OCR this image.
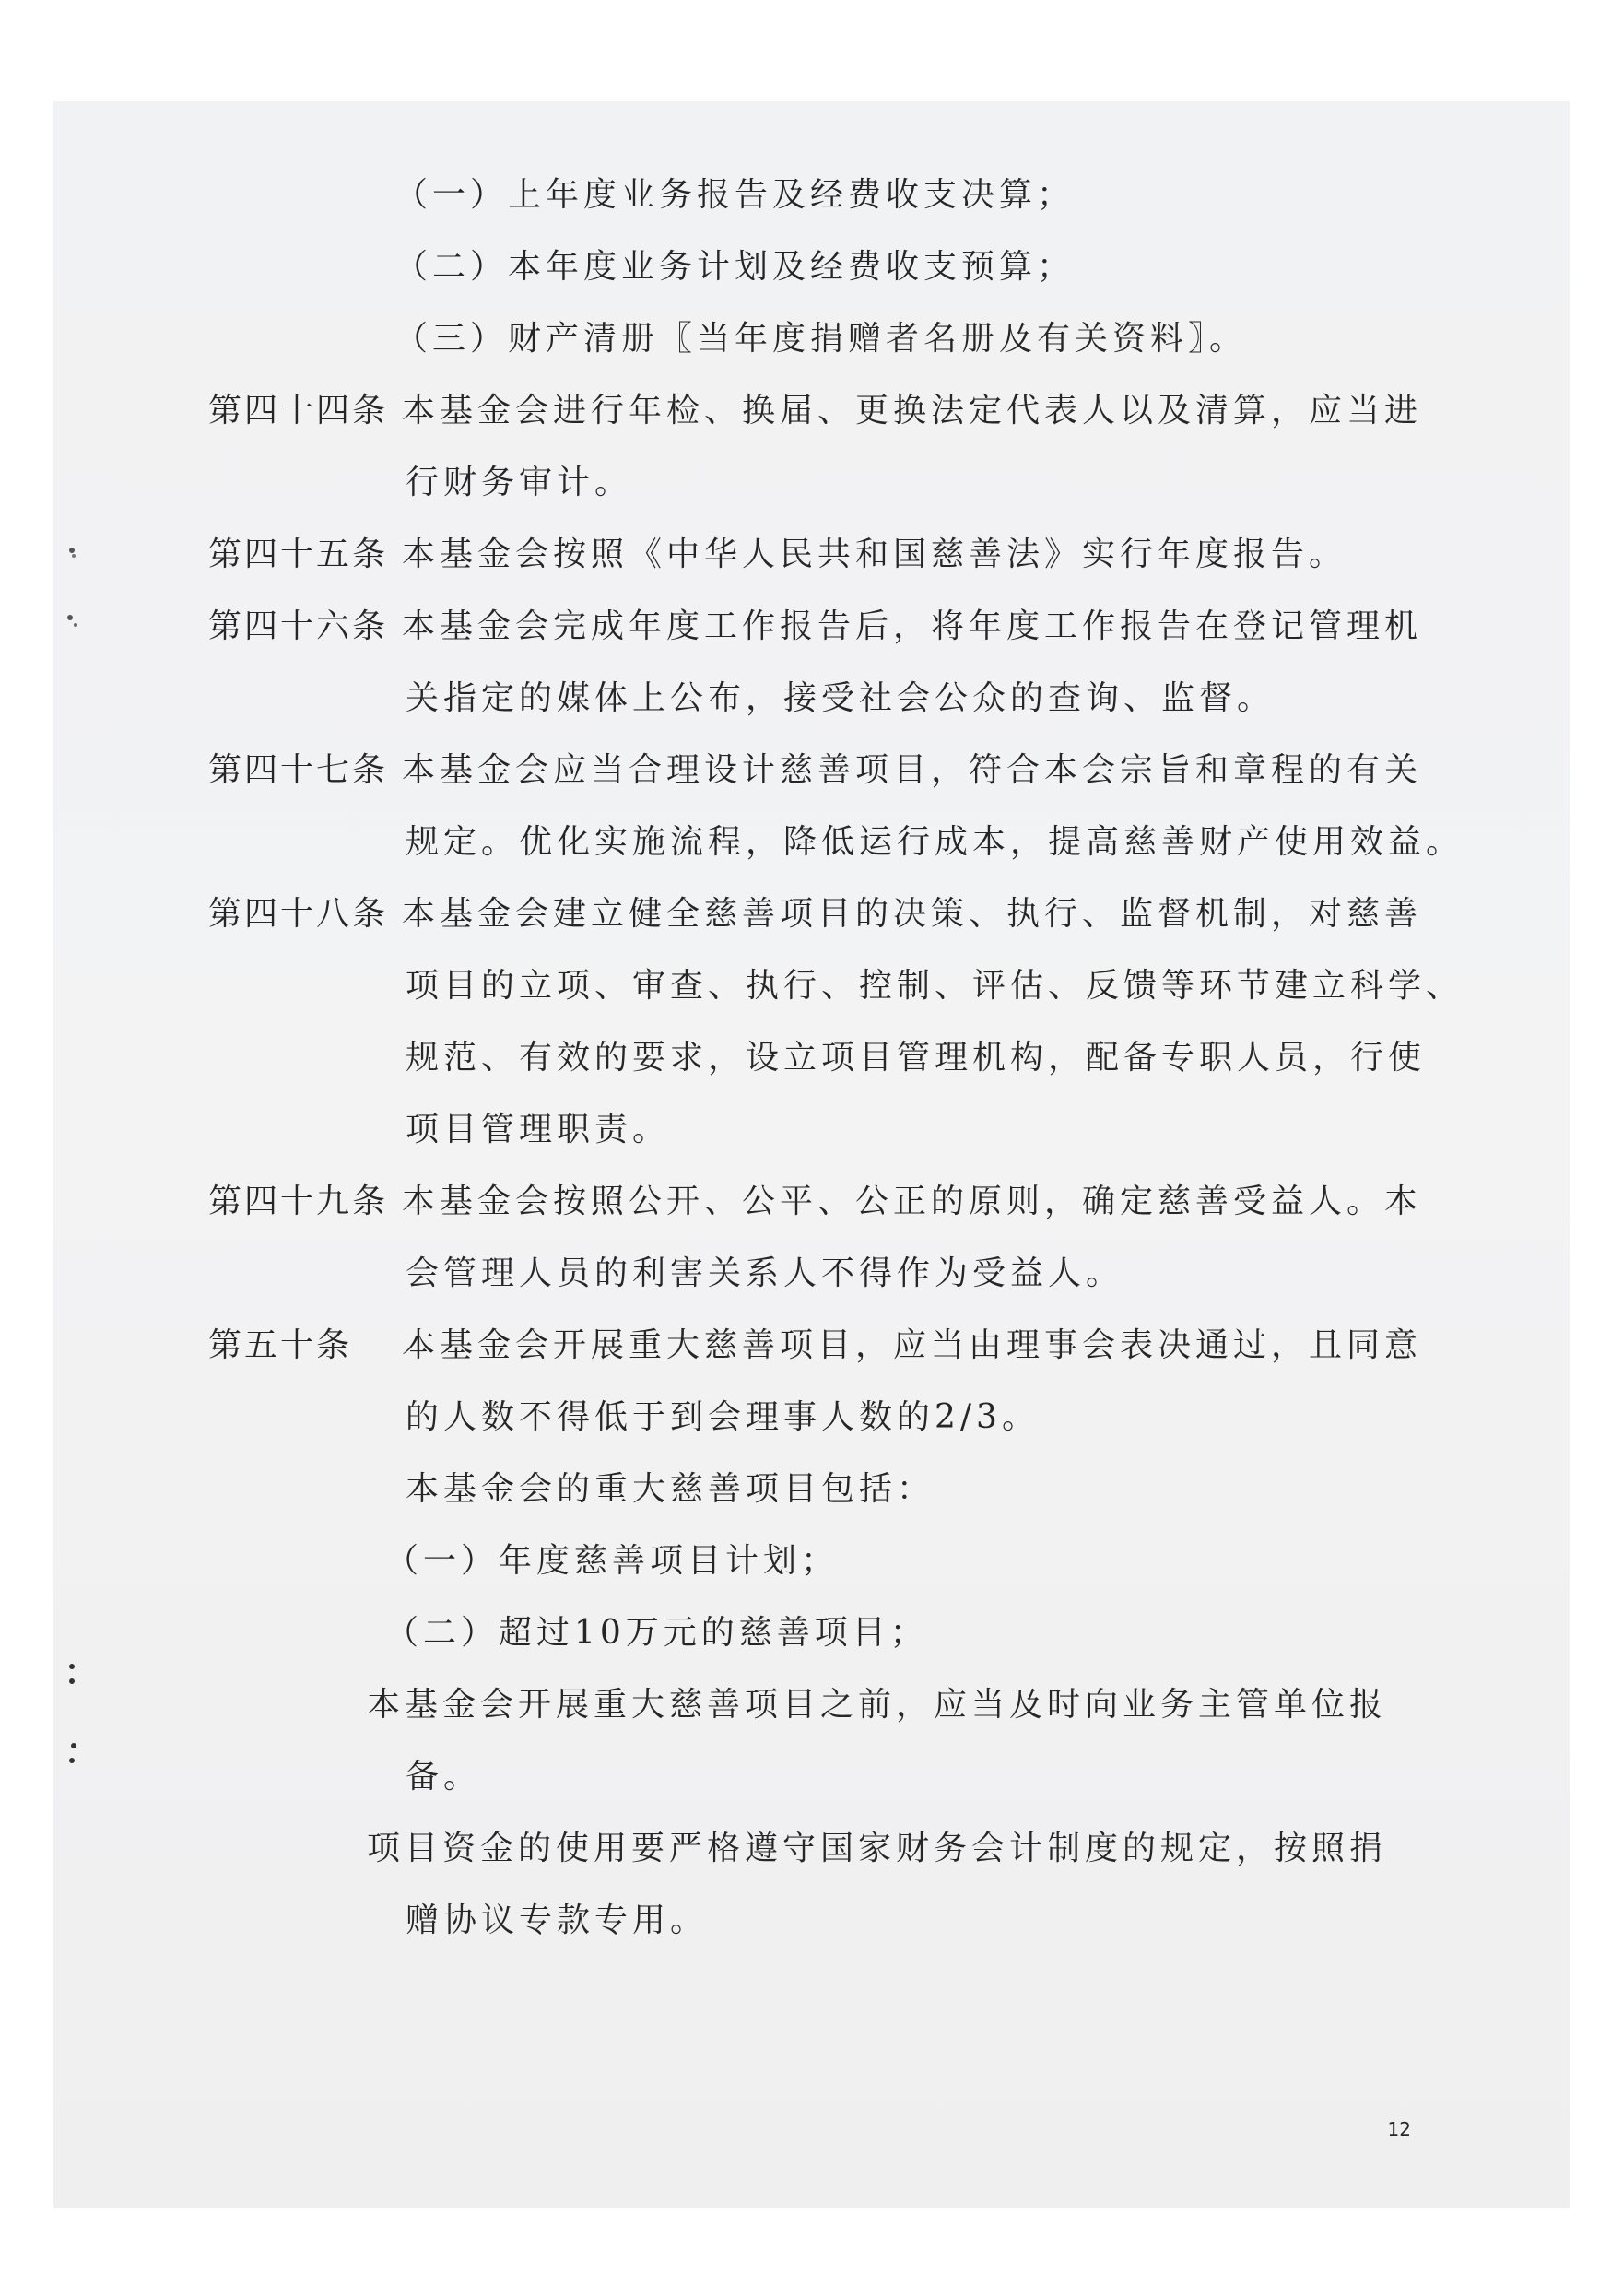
（一）上年度业务报告及经费收支决算；

（二）本年度业务计划及经费收支预算；

（三）财产清册〖当年度捐赠者名册及有关资料〗。

第四十四条 本基金会进行年检、换届、更换法定代表人以及清算，应当进

行财务审计。

第四十五条 本基金会按照《中华人民共和国慈善法》实行年度报告。

第四十六条 本基金会完成年度工作报告后，将年度工作报告在登记管理机

关指定的媒体上公布，接受社会公众的查询、监督。

第四十七条 本基金会应当合理设计慈善项目，符合本会宗旨和章程的有关

规定。优化实施流程，降低运行成本，提高慈善财产使用效益。

第四十八条 本基金会建立健全慈善项目的决策、执行、监督机制，对慈善

项目的立项、审查、执行、控制、评估、反馈等环节建立科学、

规范、有效的要求，设立项目管理机构，配备专职人员，行使

项目管理职责。

第四十九条 本基金会按照公开、公平、公正的原则，确定慈善受益人。本

会管理人员的利害关系人不得作为受益人。

第五十条 本基金会开展重大慈善项目，应当由理事会表决通过，且同意

的人数不得低于到会理事人数的2/3。

本基金会的重大慈善项目包括：

（一）年度慈善项目计划；

（二）超过10万元的慈善项目；

本基金会开展重大慈善项目之前，应当及时向业务主管单位报

备。

项目资金的使用要严格遵守国家财务会计制度的规定，按照捐

赠协议专款专用。

12
